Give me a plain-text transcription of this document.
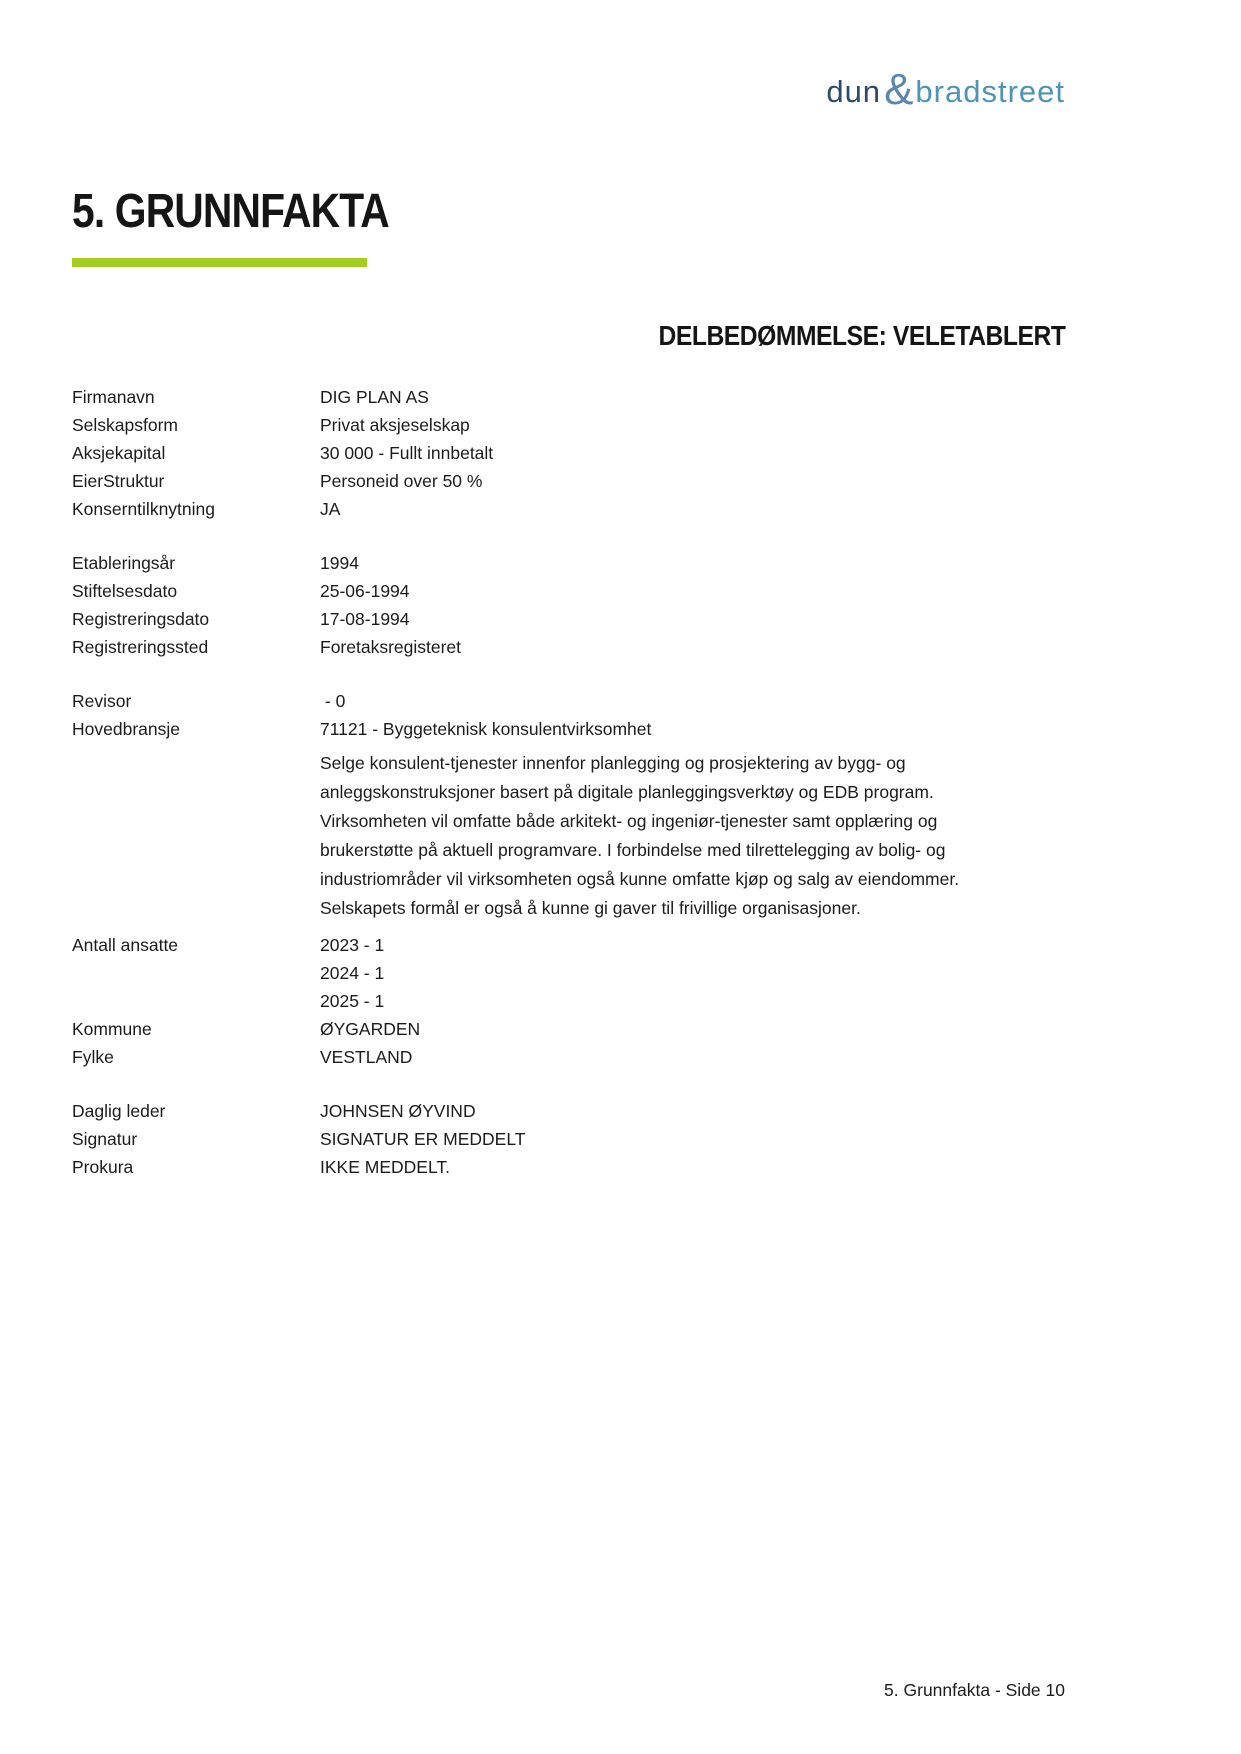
dun & bradstreet
5. GRUNNFAKTA
DELBEDØMMELSE: VELETABLERT
Firmanavn	DIG PLAN AS
Selskapsform	Privat aksjeselskap
Aksjekapital	30 000 - Fullt innbetalt
EierStruktur	Personeid over 50 %
Konserntilknytning	JA
Etableringsår	1994
Stiftelsesdato	25-06-1994
Registreringsdato	17-08-1994
Registreringssted	Foretaksregisteret
Revisor	- 0
Hovedbransje	71121 - Byggeteknisk konsulentvirksomhet
Selge konsulent-tjenester innenfor planlegging og prosjektering av bygg- og anleggskonstruksjoner basert på digitale planleggingsverktøy og EDB program. Virksomheten vil omfatte både arkitekt- og ingeniør-tjenester samt opplæring og brukerstøtte på aktuell programvare. I forbindelse med tilrettelegging av bolig- og industriområder vil virksomheten også kunne omfatte kjøp og salg av eiendommer. Selskapets formål er også å kunne gi gaver til frivillige organisasjoner.
Antall ansatte	2023 - 1
2024 - 1
2025 - 1
Kommune	ØYGARDEN
Fylke	VESTLAND
Daglig leder	JOHNSEN ØYVIND
Signatur	SIGNATUR ER MEDDELT
Prokura	IKKE MEDDELT.
5. Grunnfakta - Side 10
